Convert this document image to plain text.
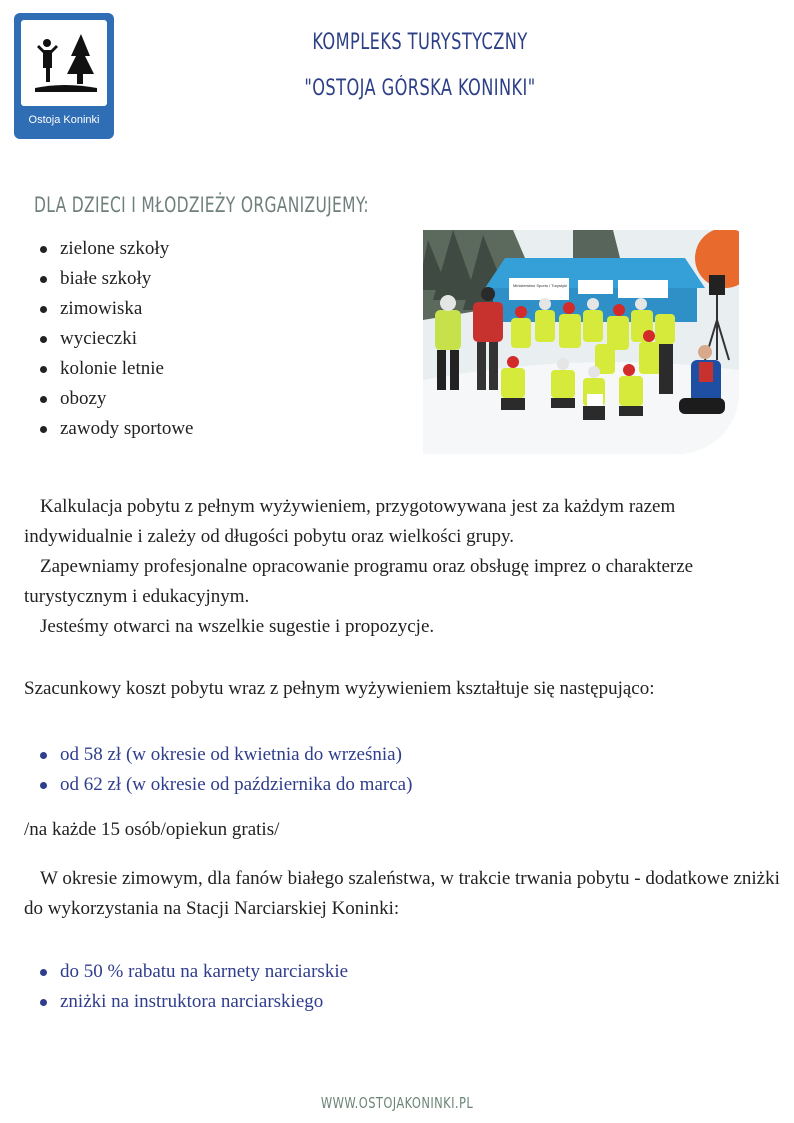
Ostoja Koninki
KOMPLEKS TURYSTYCZNY
"OSTOJA GÓRSKA KONINKI"
DLA DZIECI I MŁODZIEŻY ORGANIZUJEMY:
zielone szkoły
białe szkoły
zimowiska
wycieczki
kolonie letnie
obozy
zawody sportowe
Ministerstwo Sportu i Turystyki

Kalkulacja pobytu z pełnym wyżywieniem, przygotowywana jest za każdym razem indywidualnie i zależy od długości pobytu oraz wielkości grupy.

Zapewniamy profesjonalne opracowanie programu oraz obsługę imprez o charakterze turystycznym i edukacyjnym.

Jesteśmy otwarci na wszelkie sugestie i propozycje.

Szacunkowy koszt pobytu wraz z pełnym wyżywieniem kształtuje się następująco:

od 58 zł (w okresie od kwietnia do września)
od 62 zł (w okresie od października do marca)

/na każde 15 osób/opiekun gratis/

W okresie zimowym, dla fanów białego szaleństwa, w trakcie trwania pobytu - dodatkowe zniżki do wykorzystania na Stacji Narciarskiej Koninki:

do 50 % rabatu na karnety narciarskie
zniżki na instruktora narciarskiego
WWW.OSTOJAKONINKI.PL
